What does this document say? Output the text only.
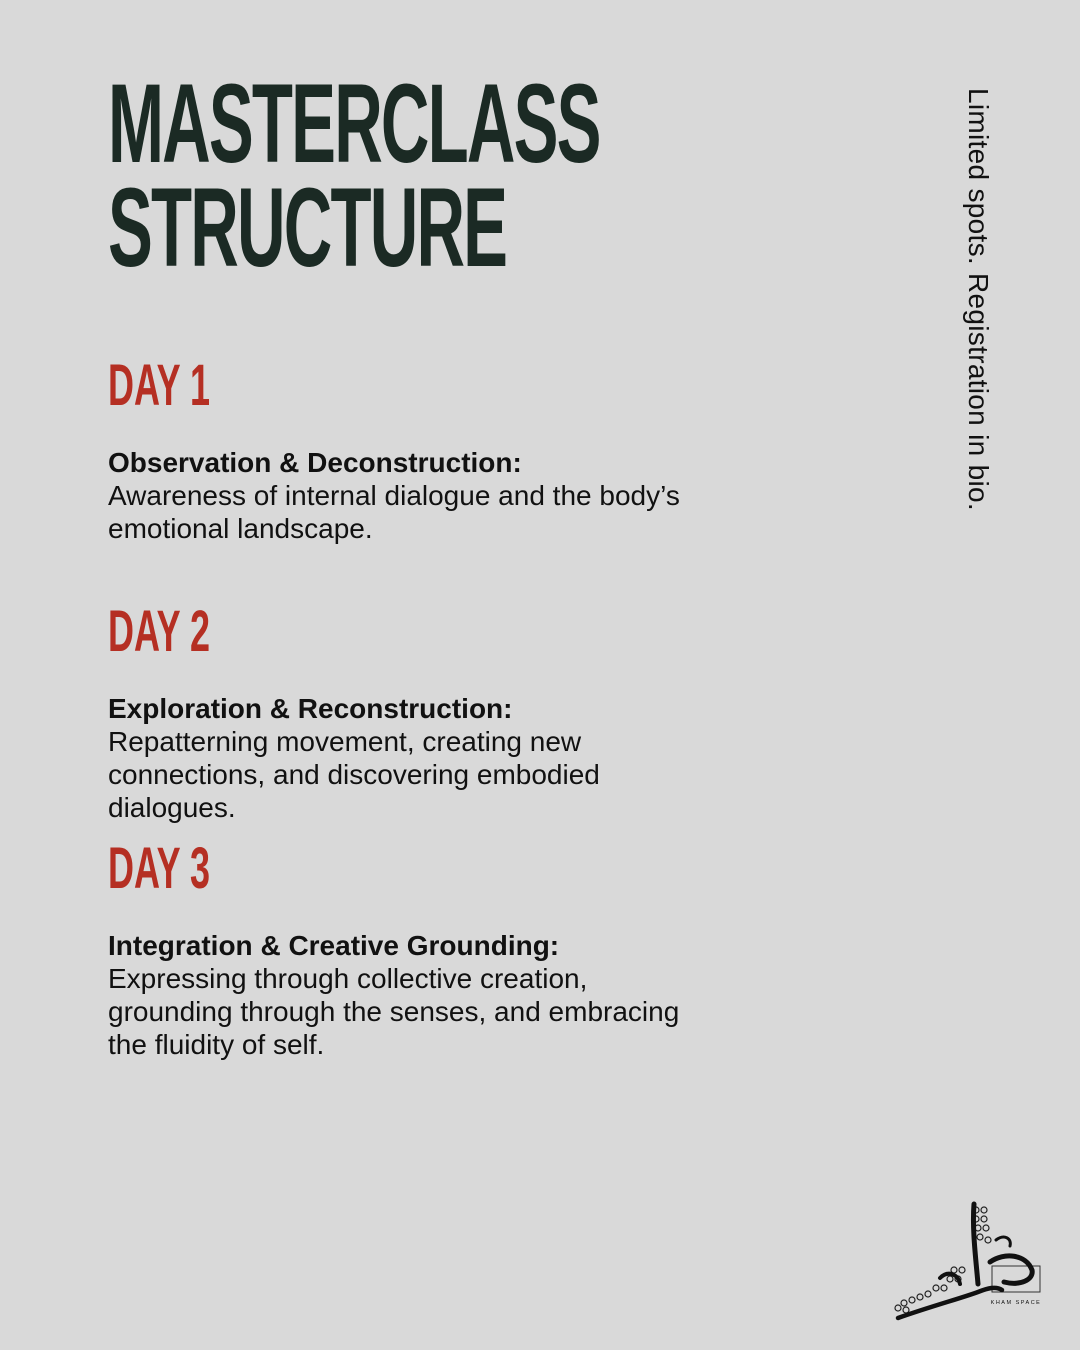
MASTERCLASS
STRUCTURE
DAY 1
Observation & Deconstruction:

Awareness of internal dialogue and the body’s emotional landscape.

DAY 2
Exploration & Reconstruction:

Repatterning movement, creating new connections, and discovering embodied dialogues.

DAY 3
Integration & Creative Grounding:

Expressing through collective creation, grounding through the senses, and embracing the fluidity of self.

Limited spots. Registration in bio.
KHAM SPACE
